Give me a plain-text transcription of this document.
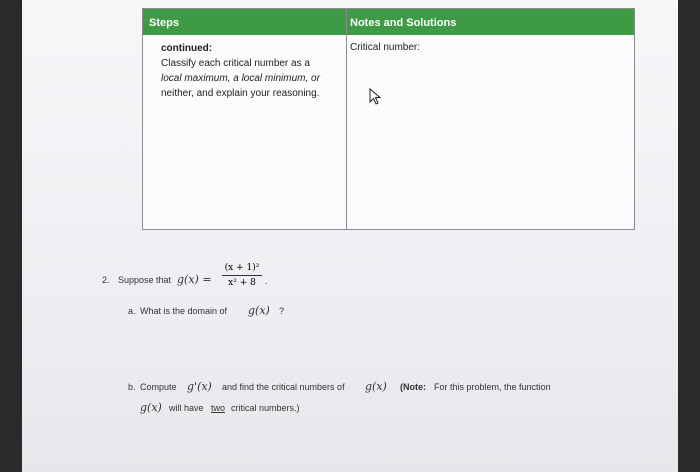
Steps	Notes and Solutions
continued:
Classify each critical number as a
local maximum, a local minimum, or
neither, and explain your reasoning.
Critical number:
2. Suppose that g(x) =
(x + 1)²
x² + 8	.
a. What is the domain of g(x) ?
b. Compute g'(x) and find the critical numbers of g(x) (Note: For this problem, the function
g(x) will have two critical numbers.)
